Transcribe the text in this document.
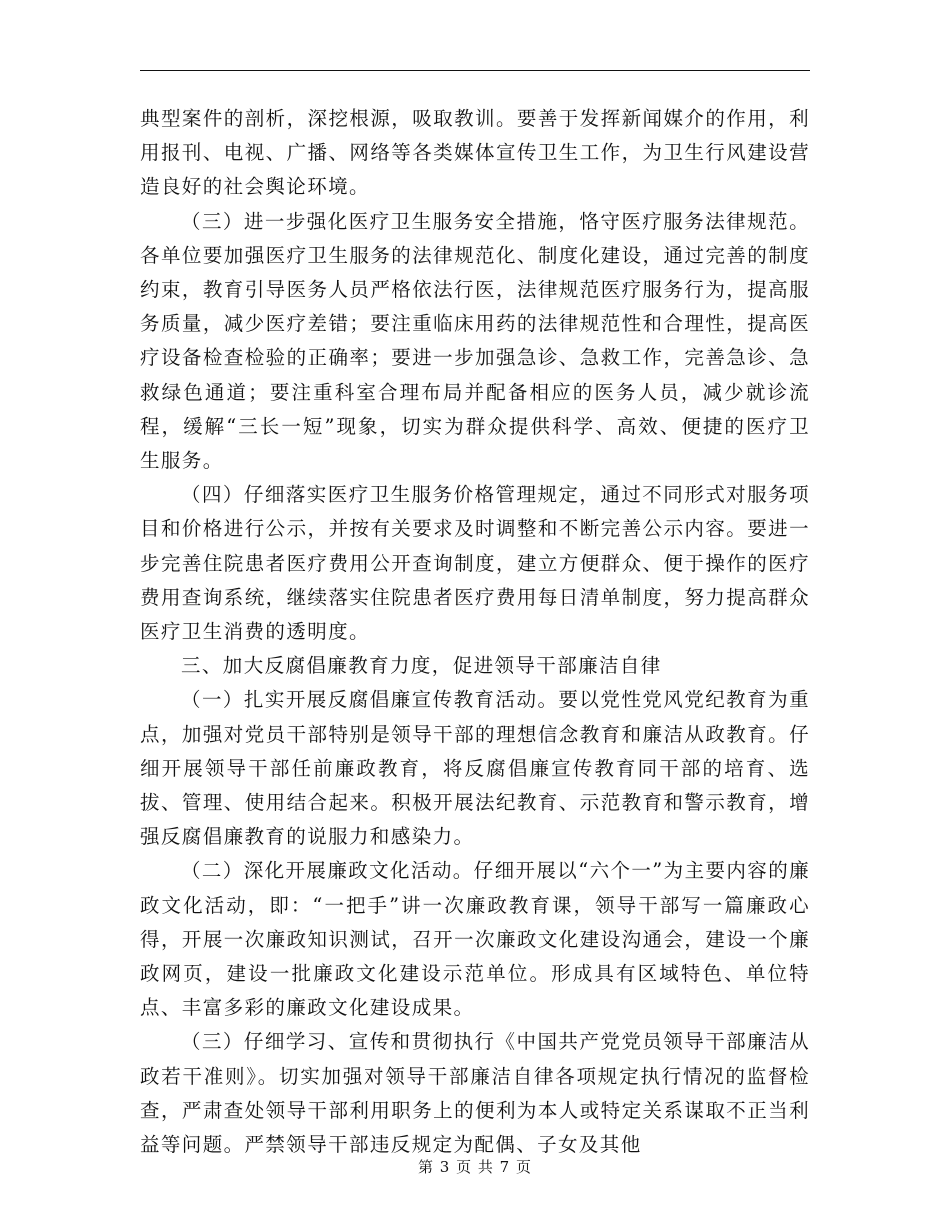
典型案件的剖析，深挖根源，吸取教训。要善于发挥新闻媒介的作用，利用报刊、电视、广播、网络等各类媒体宣传卫生工作，为卫生行风建设营造良好的社会舆论环境。

（三）进一步强化医疗卫生服务安全措施，恪守医疗服务法律规范。各单位要加强医疗卫生服务的法律规范化、制度化建设，通过完善的制度约束，教育引导医务人员严格依法行医，法律规范医疗服务行为，提高服务质量，减少医疗差错；要注重临床用药的法律规范性和合理性，提高医疗设备检查检验的正确率；要进一步加强急诊、急救工作，完善急诊、急救绿色通道；要注重科室合理布局并配备相应的医务人员，减少就诊流程，缓解“三长一短”现象，切实为群众提供科学、高效、便捷的医疗卫生服务。

（四）仔细落实医疗卫生服务价格管理规定，通过不同形式对服务项目和价格进行公示，并按有关要求及时调整和不断完善公示内容。要进一步完善住院患者医疗费用公开查询制度，建立方便群众、便于操作的医疗费用查询系统，继续落实住院患者医疗费用每日清单制度，努力提高群众医疗卫生消费的透明度。

三、加大反腐倡廉教育力度，促进领导干部廉洁自律

（一）扎实开展反腐倡廉宣传教育活动。要以党性党风党纪教育为重点，加强对党员干部特别是领导干部的理想信念教育和廉洁从政教育。仔细开展领导干部任前廉政教育，将反腐倡廉宣传教育同干部的培育、选拔、管理、使用结合起来。积极开展法纪教育、示范教育和警示教育，增强反腐倡廉教育的说服力和感染力。

（二）深化开展廉政文化活动。仔细开展以“六个一”为主要内容的廉政文化活动，即：“一把手”讲一次廉政教育课，领导干部写一篇廉政心得，开展一次廉政知识测试，召开一次廉政文化建设沟通会，建设一个廉政网页，建设一批廉政文化建设示范单位。形成具有区域特色、单位特点、丰富多彩的廉政文化建设成果。

（三）仔细学习、宣传和贯彻执行《中国共产党党员领导干部廉洁从政若干准则》。切实加强对领导干部廉洁自律各项规定执行情况的监督检查，严肃查处领导干部利用职务上的便利为本人或特定关系谋取不正当利益等问题。严禁领导干部违反规定为配偶、子女及其他

第 3 页 共 7 页
